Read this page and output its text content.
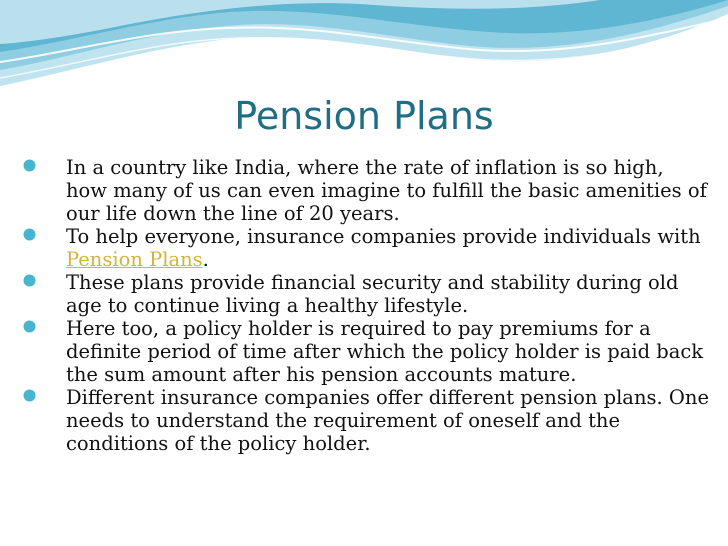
Pension Plans
In a country like India, where the rate of inflation is so high, how many of us can even imagine to fulfill the basic amenities of our life down the line of 20 years.
To help everyone, insurance companies provide individuals with Pension Plans.
These plans provide financial security and stability during old age to continue living a healthy lifestyle.
Here too, a policy holder is required to pay premiums for a definite period of time after which the policy holder is paid back the sum amount after his pension accounts mature.
Different insurance companies offer different pension plans. One needs to understand the requirement of oneself and the conditions of the policy holder.
